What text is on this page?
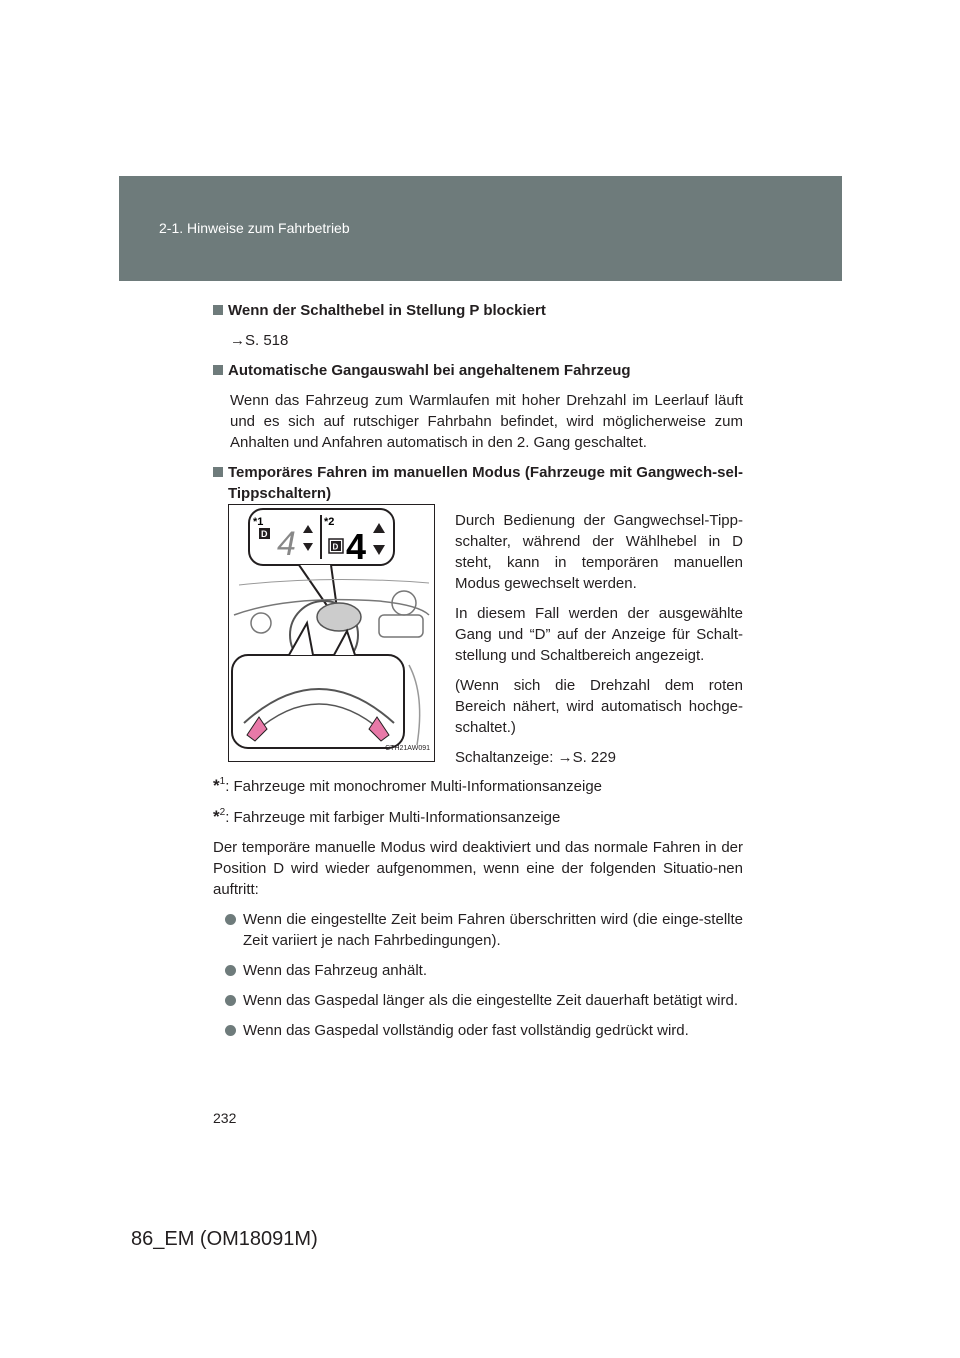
2-1. Hinweise zum Fahrbetrieb
Wenn der Schalthebel in Stellung P blockiert

→S. 518

Automatische Gangauswahl bei angehaltenem Fahrzeug

Wenn das Fahrzeug zum Warmlaufen mit hoher Drehzahl im Leerlauf läuft und es sich auf rutschiger Fahrbahn befindet, wird möglicherweise zum Anhalten und Anfahren automatisch in den 2. Gang geschaltet.

Temporäres Fahren im manuellen Modus (Fahrzeuge mit Gangwech-sel-Tippschaltern)
*1	*2
D 4	D 4
CTH21AW091

Durch Bedienung der Gangwechsel-Tipp-schalter, während der Wählhebel in D steht, kann in temporären manuellen Modus gewechselt werden.

In diesem Fall werden der ausgewählte Gang und “D” auf der Anzeige für Schalt-stellung und Schaltbereich angezeigt.

(Wenn sich die Drehzahl dem roten Bereich nähert, wird automatisch hochge-schaltet.)

Schaltanzeige: →S. 229

*$^1$: Fahrzeuge mit monochromer Multi-Informationsanzeige

*$^2$: Fahrzeuge mit farbiger Multi-Informationsanzeige

Der temporäre manuelle Modus wird deaktiviert und das normale Fahren in der Position D wird wieder aufgenommen, wenn eine der folgenden Situatio-nen auftritt:

Wenn die eingestellte Zeit beim Fahren überschritten wird (die einge-stellte Zeit variiert je nach Fahrbedingungen).
Wenn das Fahrzeug anhält.
Wenn das Gaspedal länger als die eingestellte Zeit dauerhaft betätigt wird.
Wenn das Gaspedal vollständig oder fast vollständig gedrückt wird.
232
86_EM (OM18091M)
